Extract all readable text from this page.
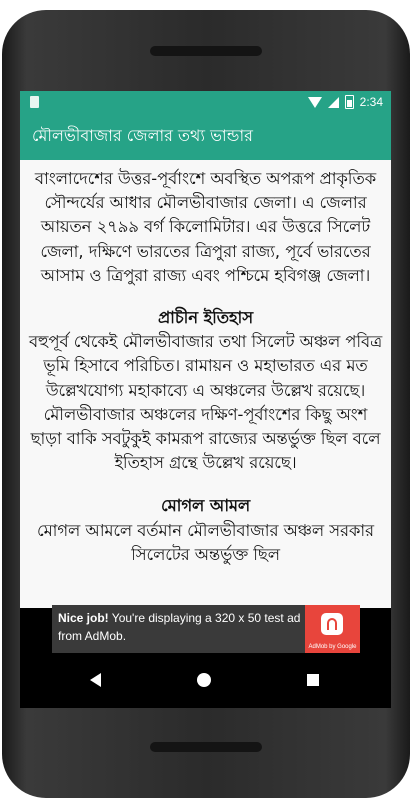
2:34
মৌলভীবাজার জেলার তথ্য ভান্ডার

বাংলাদেশের উত্তর-পূর্বাংশে অবস্থিত অপরূপ প্রাকৃতিক সৌন্দর্যের আধার মৌলভীবাজার জেলা। এ জেলার আয়তন ২৭৯৯ বর্গ কিলোমিটার। এর উত্তরে সিলেট জেলা, দক্ষিণে ভারতের ত্রিপুরা রাজ্য, পূর্বে ভারতের আসাম ও ত্রিপুরা রাজ্য এবং পশ্চিমে হবিগঞ্জ জেলা।

প্রাচীন ইতিহাস

বহুপূর্ব থেকেই মৌলভীবাজার তথা সিলেট অঞ্চল পবিত্র ভূমি হিসাবে পরিচিত। রামায়ন ও মহাভারত এর মত উল্লেখযোগ্য মহাকাব্যে এ অঞ্চলের উল্লেখ রয়েছে। মৌলভীবাজার অঞ্চলের দক্ষিণ-পূর্বাংশের কিছু অংশ ছাড়া বাকি সবটুকুই কামরূপ রাজ্যের অন্তর্ভুক্ত ছিল বলে ইতিহাস গ্রন্থে উল্লেখ রয়েছে।

মোগল আমল

মোগল আমলে বর্তমান মৌলভীবাজার অঞ্চল সরকার সিলেটের অন্তর্ভুক্ত ছিল

Nice job! You're displaying a 320 x 50 test ad from AdMob.
AdMob by Google
